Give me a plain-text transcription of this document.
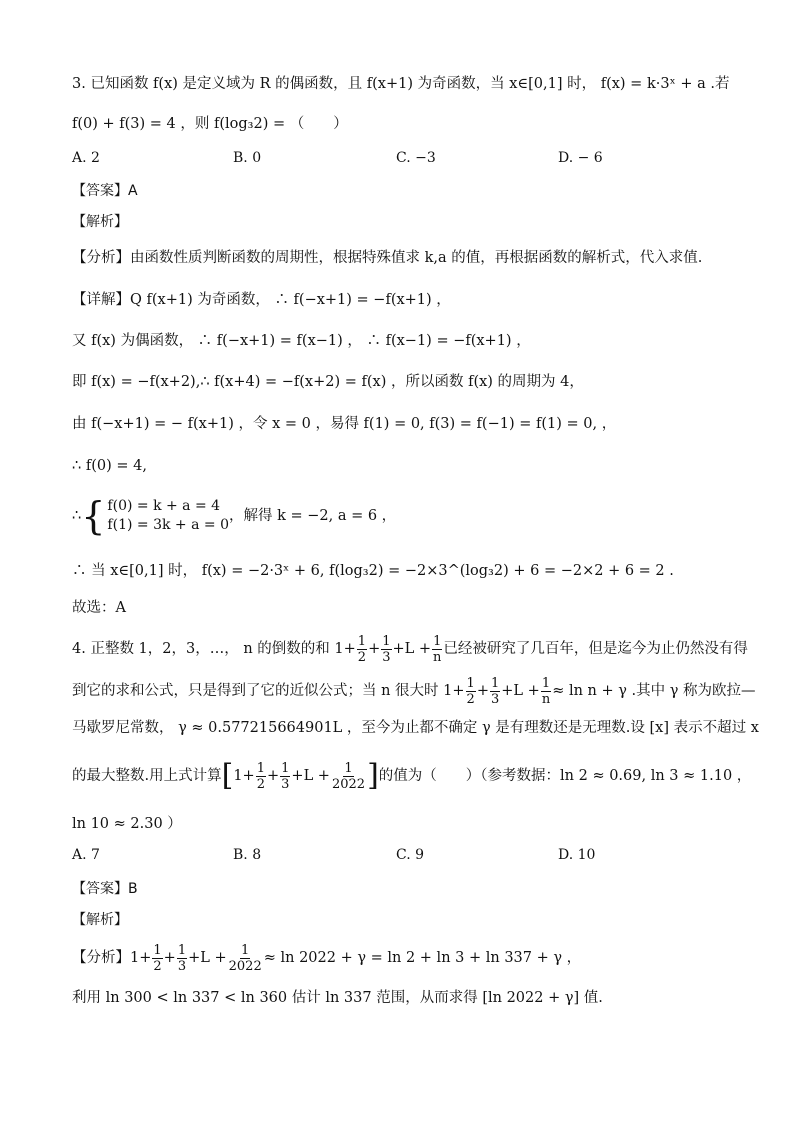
3. 已知函数 f(x) 是定义域为 R 的偶函数，且 f(x+1) 为奇函数，当 x∈[0,1] 时， f(x) = k·3ˣ + a .若
f(0) + f(3) = 4 ，则 f(log₃2) = （　　）
A. 2	B. 0	C. −3	D. − 6
【答案】A
【解析】
【分析】由函数性质判断函数的周期性，根据特殊值求 k,a 的值，再根据函数的解析式，代入求值.
【详解】Q f(x+1) 为奇函数， ∴ f(−x+1) = −f(x+1) ，
又 f(x) 为偶函数， ∴ f(−x+1) = f(x−1) ， ∴ f(x−1) = −f(x+1) ，
即 f(x) = −f(x+2),∴ f(x+4) = −f(x+2) = f(x) ，所以函数 f(x) 的周期为 4，
由 f(−x+1) = − f(x+1) ，令 x = 0 ，易得 f(1) = 0, f(3) = f(−1) = f(1) = 0, ，
∴ f(0) = 4,
∴ { f(0) = k + a = 4
f(1) = 3k + a = 0
，解得 k = −2, a = 6 ，
∴ 当 x∈[0,1] 时， f(x) = −2·3ˣ + 6, f(log₃2) = −2×3^(log₃2) + 6 = −2×2 + 6 = 2 .
故选：A
4. 正整数 1，2，3，…， n 的倒数的和 $1+ \frac{1}{2} + \frac{1}{3} +L + \frac{1}{n}$ 已经被研究了几百年，但是迄今为止仍然没有得
到它的求和公式，只是得到了它的近似公式；当 n 很大时 $1+ \frac{1}{2} + \frac{1}{3} +L + \frac{1}{n} \approx \ln n + \gamma$ .其中 γ 称为欧拉—
马歇罗尼常数， γ ≈ 0.577215664901L ，至今为止都不确定 γ 是有理数还是无理数.设 [x] 表示不超过 x
的最大整数.用上式计算 [ $1+ \frac{1}{2} + \frac{1}{3} +L + \frac{1}{2022}$ ] 的值为（　　）（参考数据：ln 2 ≈ 0.69, ln 3 ≈ 1.10 ，
ln 10 ≈ 2.30 ）
A. 7	B. 8	C. 9	D. 10
【答案】B
【解析】
【分析】$1+ \frac{1}{2} + \frac{1}{3} +L + \frac{1}{2022} \approx \ln 2022 + \gamma = \ln 2 + \ln 3 + \ln 337 + \gamma$ ，
利用 ln 300 < ln 337 < ln 360 估计 ln 337 范围，从而求得 [ln 2022 + γ] 值.
